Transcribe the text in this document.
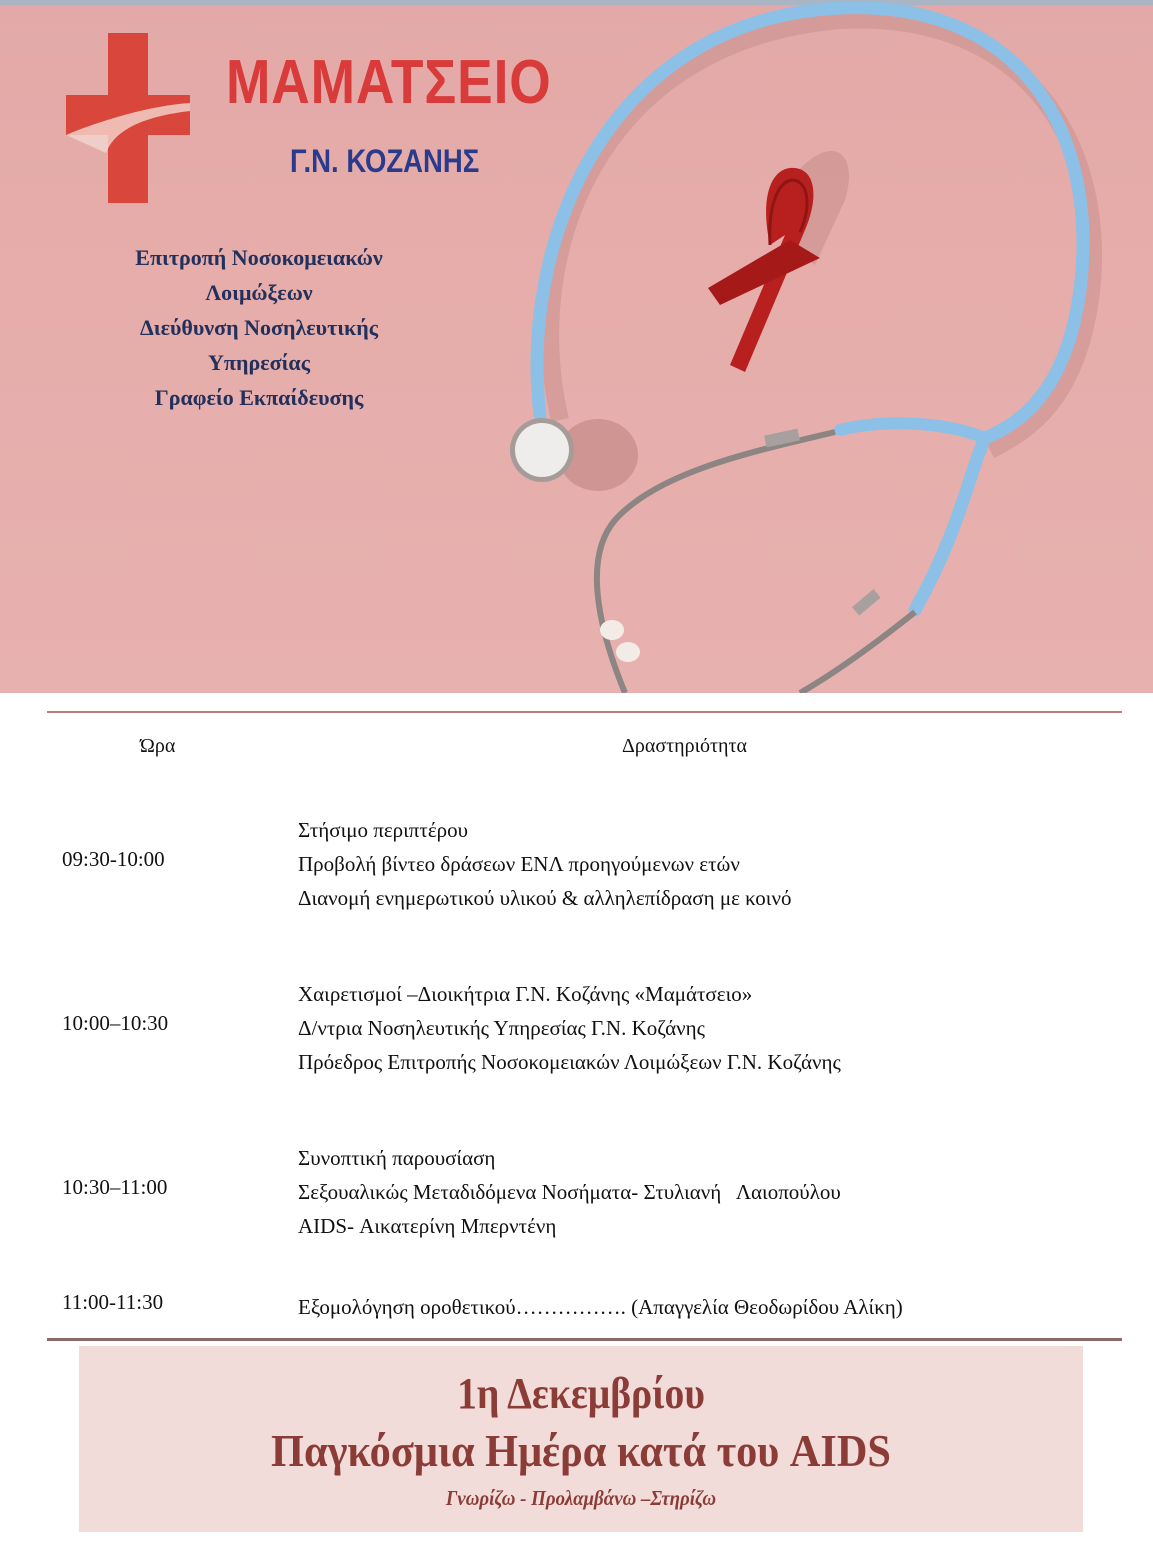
ΜΑΜΑΤΣΕΙΟ
Γ.Ν. ΚΟΖΑΝΗΣ
Επιτροπή Νοσοκομειακών
Λοιμώξεων
Διεύθυνση Νοσηλευτικής
Υπηρεσίας
Γραφείο Εκπαίδευσης
Ώρα	Δραστηριότητα
09:30-10:00
Στήσιμο περιπτέρου
Προβολή βίντεο δράσεων ΕΝΛ προηγούμενων ετών
Διανομή ενημερωτικού υλικού & αλληλεπίδραση με κοινό
10:00–10:30
Χαιρετισμοί –Διοικήτρια Γ.Ν. Κοζάνης «Μαμάτσειο»
Δ/ντρια Νοσηλευτικής Υπηρεσίας Γ.Ν. Κοζάνης
Πρόεδρος Επιτροπής Νοσοκομειακών Λοιμώξεων Γ.Ν. Κοζάνης
10:30–11:00
Συνοπτική παρουσίαση
Σεξουαλικώς Μεταδιδόμενα Νοσήματα- Στυλιανή   Λαιοπούλου
AIDS- Αικατερίνη Μπερντένη
11:00-11:30	Εξομολόγηση οροθετικού……………. (Απαγγελία Θεοδωρίδου Αλίκη)
1η Δεκεμβρίου
Παγκόσμια Ημέρα κατά του AIDS
Γνωρίζω - Προλαμβάνω –Στηρίζω
